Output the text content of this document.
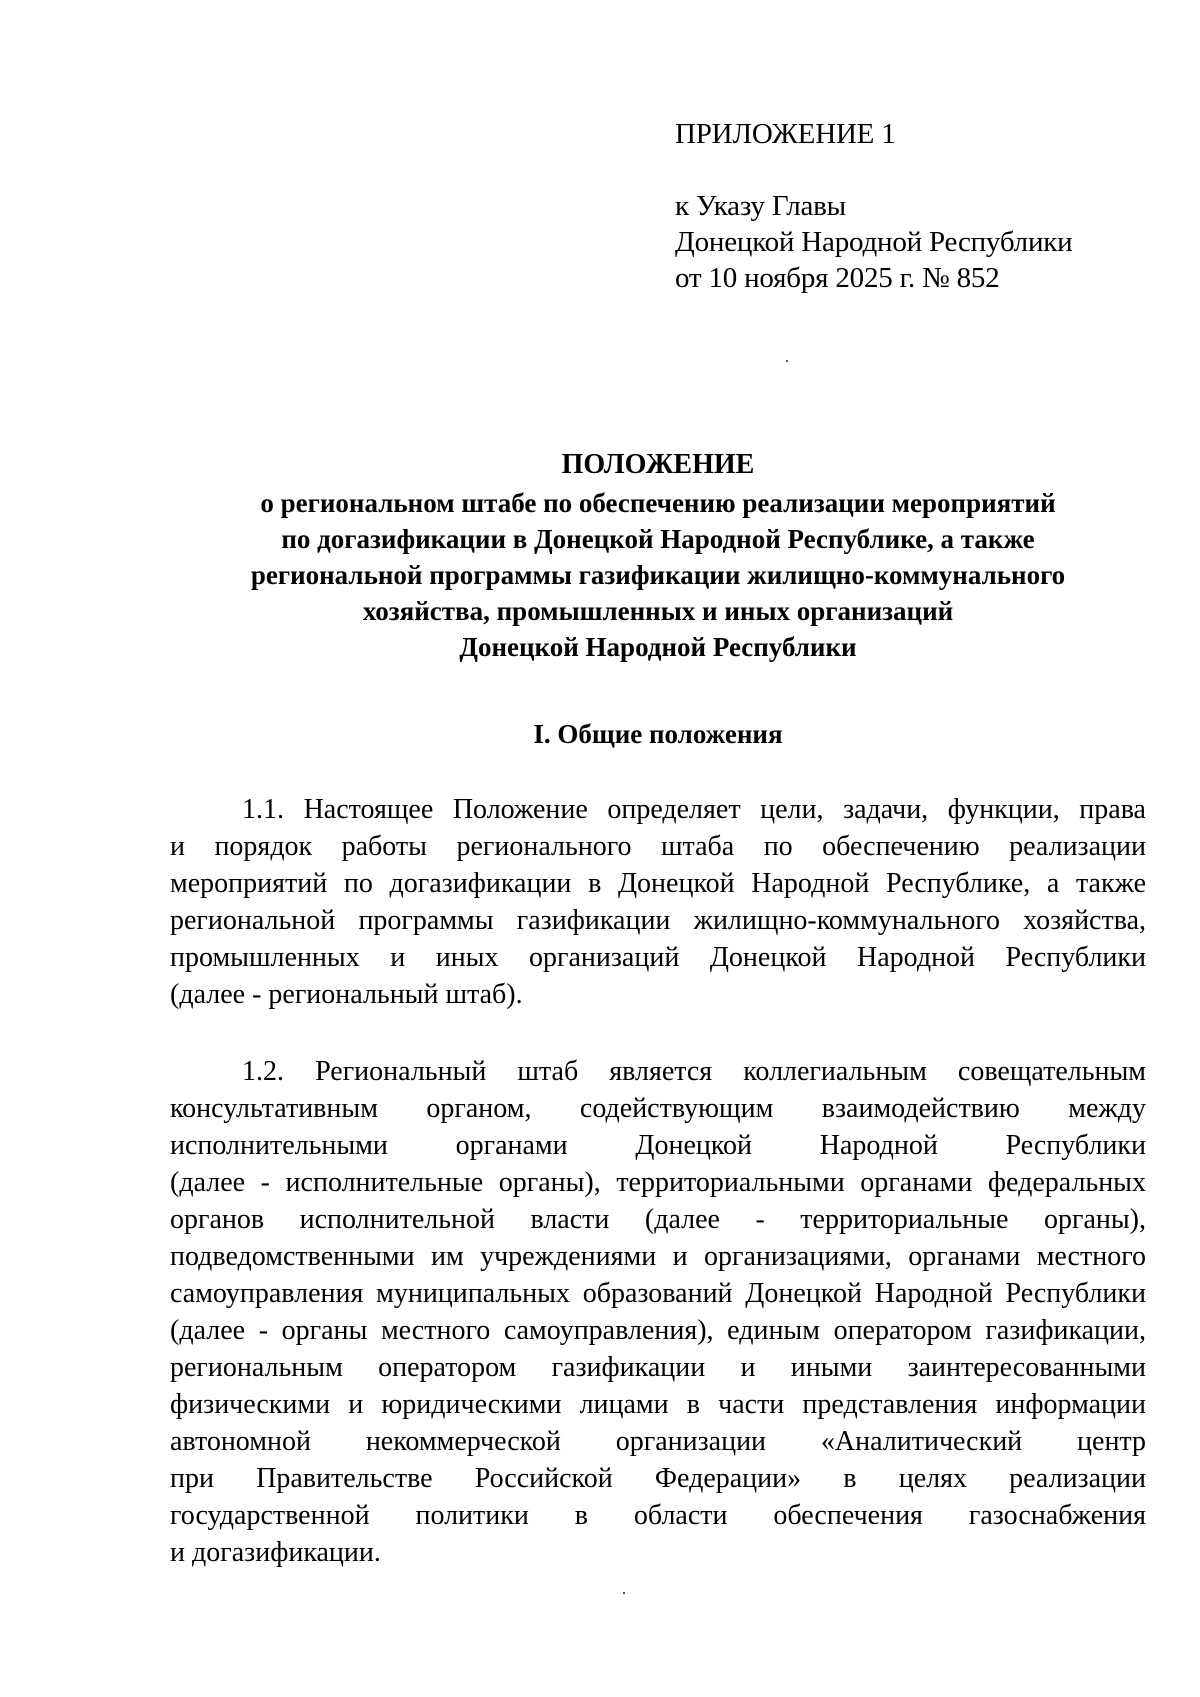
ПРИЛОЖЕНИЕ 1
к Указу Главы
Донецкой Народной Республики
от 10 ноября 2025 г. № 852
ПОЛОЖЕНИЕ
о региональном штабе по обеспечению реализации мероприятий
по догазификации в Донецкой Народной Республике, а также
региональной программы газификации жилищно-коммунального
хозяйства, промышленных и иных организаций
Донецкой Народной Республики
I. Общие положения
1.1. Настоящее Положение определяет цели, задачи, функции, права
и порядок работы регионального штаба по обеспечению реализации
мероприятий по догазификации в Донецкой Народной Республике, а также
региональной программы газификации жилищно-коммунального хозяйства,
промышленных и иных организаций Донецкой Народной Республики
(далее - региональный штаб).
1.2. Региональный штаб является коллегиальным совещательным
консультативным органом, содействующим взаимодействию между
исполнительными органами Донецкой Народной Республики
(далее - исполнительные органы), территориальными органами федеральных
органов исполнительной власти (далее - территориальные органы),
подведомственными им учреждениями и организациями, органами местного
самоуправления муниципальных образований Донецкой Народной Республики
(далее - органы местного самоуправления), единым оператором газификации,
региональным оператором газификации и иными заинтересованными
физическими и юридическими лицами в части представления информации
автономной некоммерческой организации «Аналитический центр
при Правительстве Российской Федерации» в целях реализации
государственной политики в области обеспечения газоснабжения
и догазификации.
